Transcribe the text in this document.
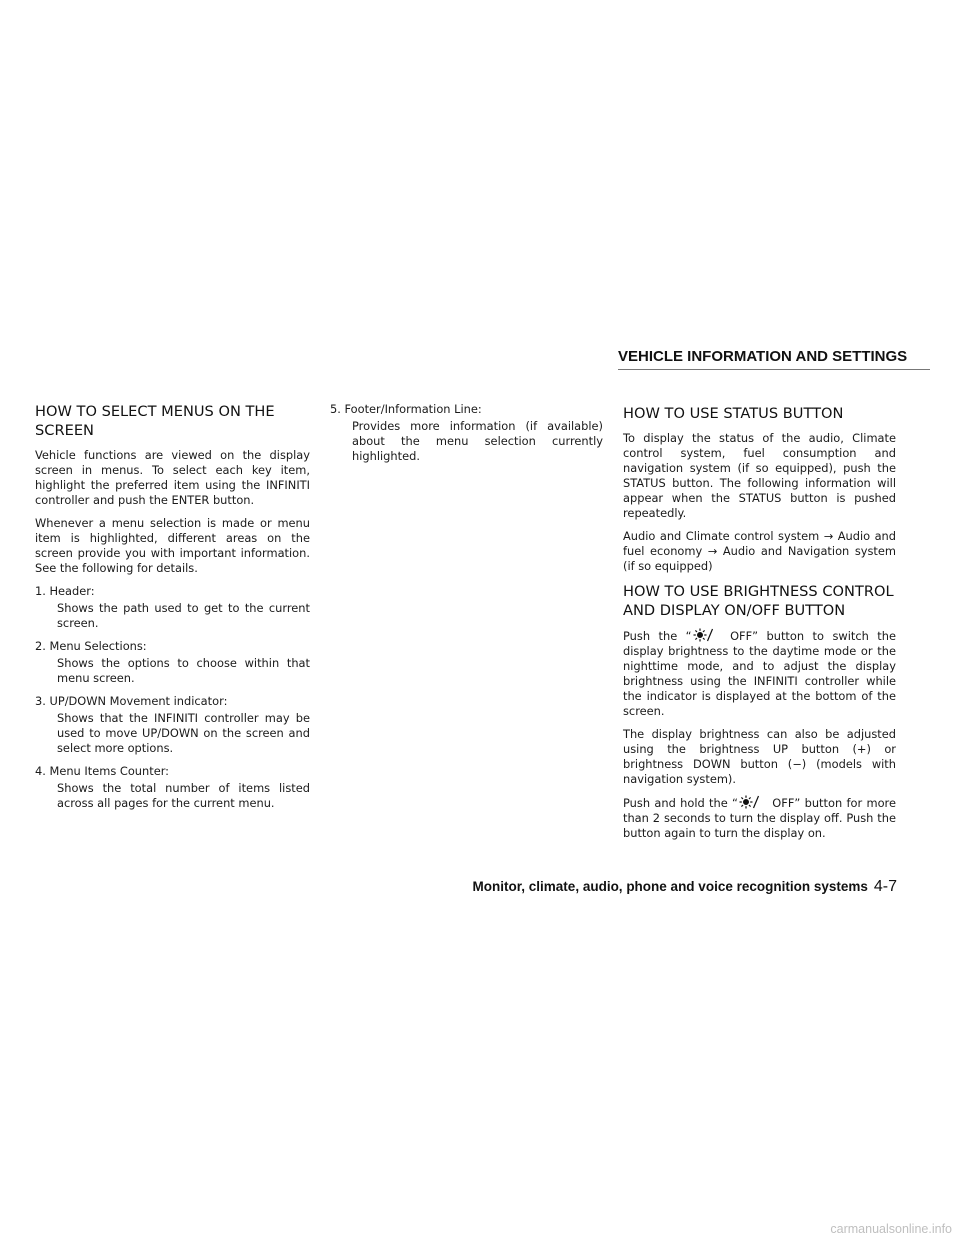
VEHICLE INFORMATION AND SETTINGS
HOW TO SELECT MENUS ON THE SCREEN

Vehicle functions are viewed on the display screen in menus. To select each key item, highlight the preferred item using the INFINITI controller and push the ENTER button.

Whenever a menu selection is made or menu item is highlighted, different areas on the screen provide you with important information. See the following for details.

1. Header:
Shows the path used to get to the current screen.
2. Menu Selections:
Shows the options to choose within that menu screen.
3. UP/DOWN Movement indicator:
Shows that the INFINITI controller may be used to move UP/DOWN on the screen and select more options.
4. Menu Items Counter:
Shows the total number of items listed across all pages for the current menu.
5. Footer/Information Line:
Provides more information (if available) about the menu selection currently highlighted.
HOW TO USE STATUS BUTTON

To display the status of the audio, Climate control system, fuel consumption and navigation system (if so equipped), push the STATUS button. The following information will appear when the STATUS button is pushed repeatedly.

Audio and Climate control system → Audio and fuel economy → Audio and Navigation system (if so equipped)

HOW TO USE BRIGHTNESS CONTROL AND DISPLAY ON/OFF BUTTON

Push the “	OFF” button to switch the display brightness to the daytime mode or the nighttime mode, and to adjust the display brightness using the INFINITI controller while the indicator is displayed at the bottom of the screen.

The display brightness can also be adjusted using the brightness UP button (+) or brightness DOWN button (−) (models with navigation system).

Push and hold the “	OFF” button for more than 2 seconds to turn the display off. Push the button again to turn the display on.

Monitor, climate, audio, phone and voice recognition systems 4-7
carmanualsonline.info
